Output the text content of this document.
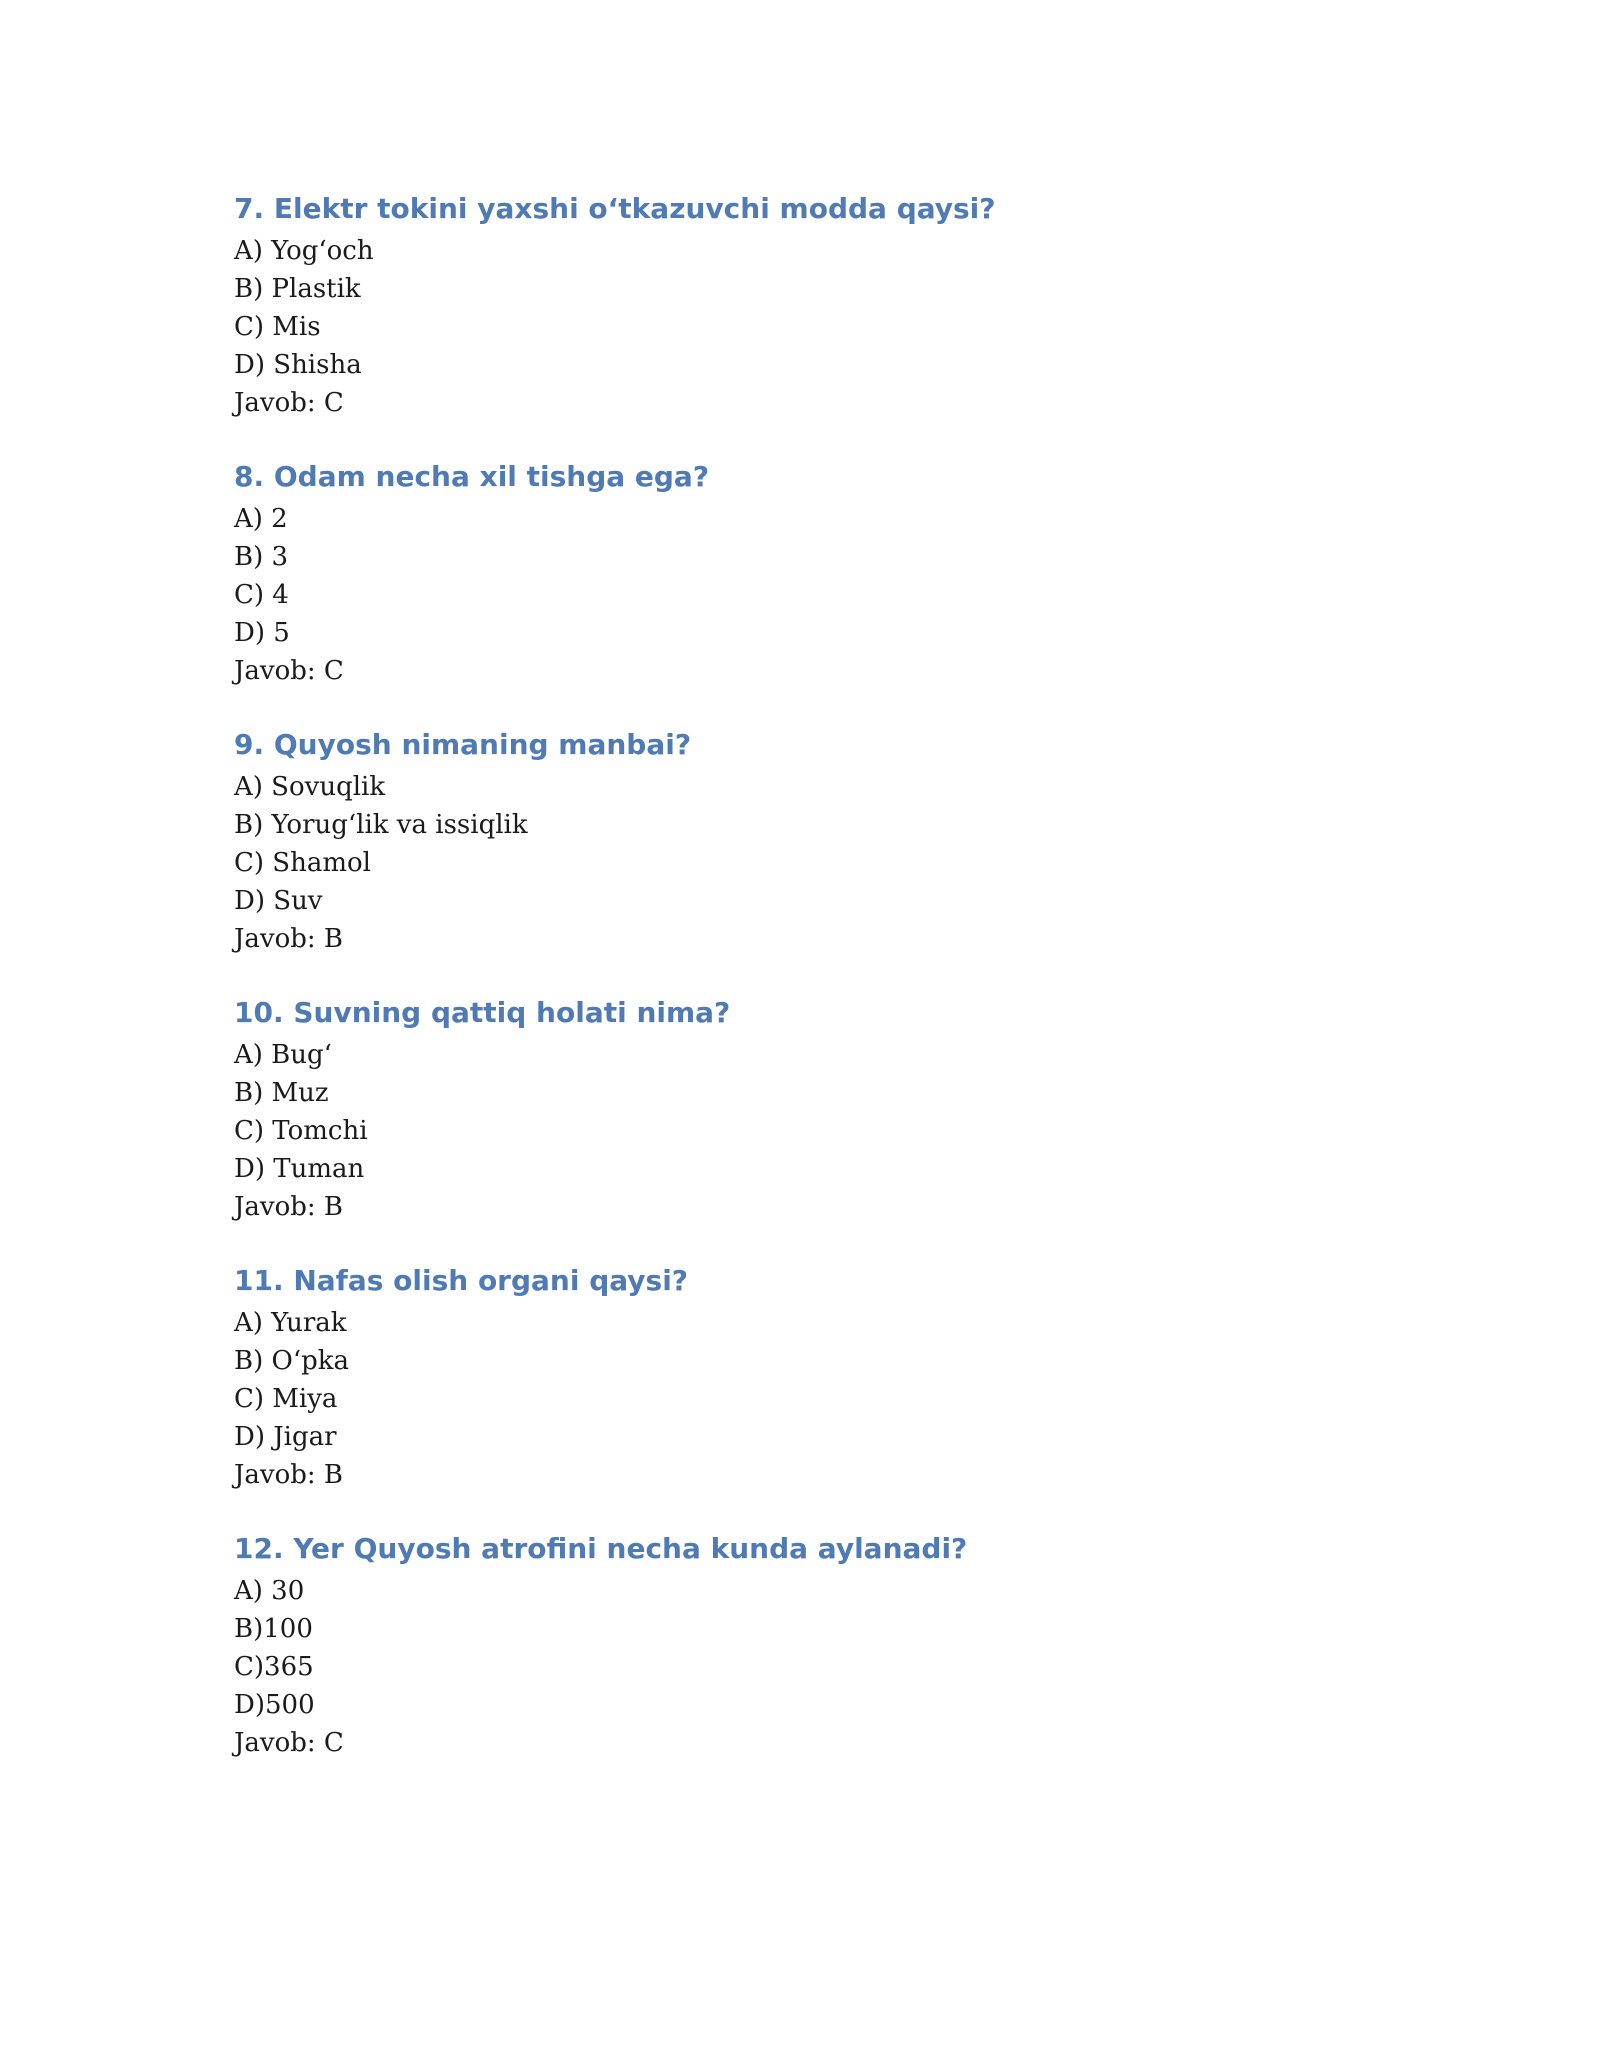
7. Elektr tokini yaxshi o‘tkazuvchi modda qaysi?
A) Yog‘och
B) Plastik
C) Mis
D) Shisha
Javob: C
8. Odam necha xil tishga ega?
A) 2
B) 3
C) 4
D) 5
Javob: C
9. Quyosh nimaning manbai?
A) Sovuqlik
B) Yorug‘lik va issiqlik
C) Shamol
D) Suv
Javob: B
10. Suvning qattiq holati nima?
A) Bug‘
B) Muz
C) Tomchi
D) Tuman
Javob: B
11. Nafas olish organi qaysi?
A) Yurak
B) O‘pka
C) Miya
D) Jigar
Javob: B
12. Yer Quyosh atrofini necha kunda aylanadi?
A) 30
B)100
C)365
D)500
Javob: C
